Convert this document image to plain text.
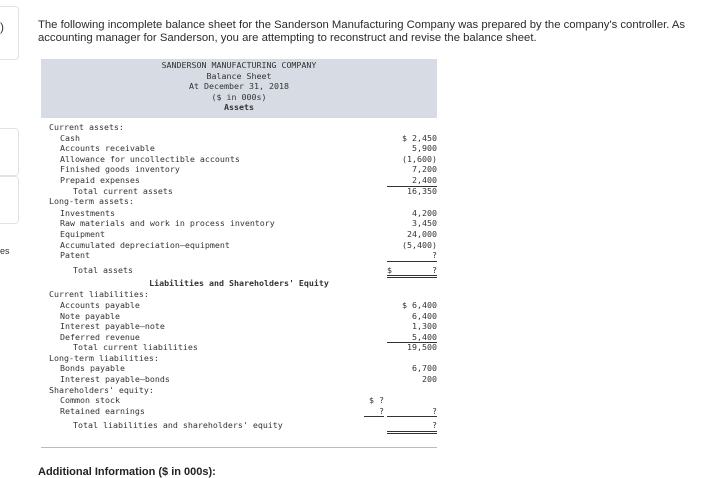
)
es
The following incomplete balance sheet for the Sanderson Manufacturing Company was prepared by the company's controller. As
accounting manager for Sanderson, you are attempting to reconstruct and revise the balance sheet.
SANDERSON MANUFACTURING COMPANY
Balance Sheet
At December 31, 2018
($ in 000s)
Assets
Current assets:
Cash	$ 2,450
Accounts receivable	5,900
Allowance for uncollectible accounts	(1,600)
Finished goods inventory	7,200
Prepaid expenses	2,400
Total current assets	16,350
Long-term assets:
Investments	4,200
Raw materials and work in process inventory	3,450
Equipment	24,000
Accumulated depreciation—equipment	(5,400)
Patent	?
Total assets	$	?
Liabilities and Shareholders' Equity
Current liabilities:
Accounts payable	$ 6,400
Note payable	6,400
Interest payable—note	1,300
Deferred revenue	5,400
Total current liabilities	19,500
Long-term liabilities:
Bonds payable	6,700
Interest payable—bonds	200
Shareholders' equity:
Common stock	$ ?
Retained earnings	?	?
Total liabilities and shareholders' equity	?
Additional Information ($ in 000s):
